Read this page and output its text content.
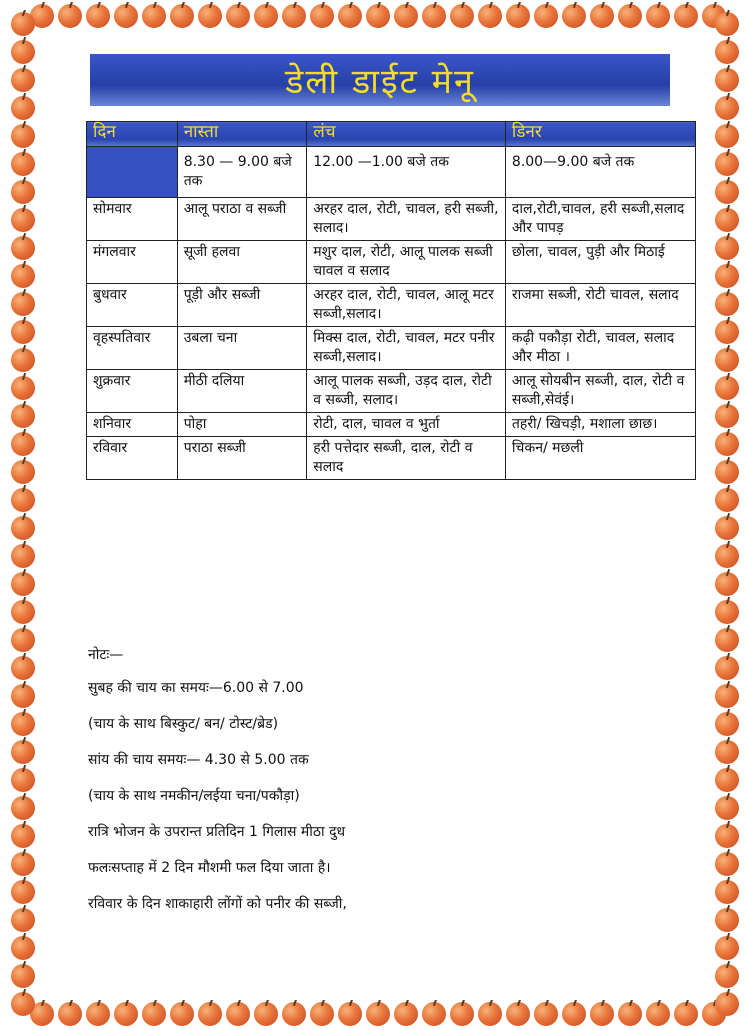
डेली डाईट मेनू
दिन	नास्ता	लंच	डिनर
	8.30 — 9.00 बजे तक	12.00 —1.00 बजे तक	8.00—9.00 बजे तक
सोमवार	आलू पराठा व सब्जी	अरहर दाल, रोटी, चावल, हरी सब्जी, सलाद।	दाल,रोटी,चावल, हरी सब्जी,सलाद और पापड़
मंगलवार	सूजी हलवा	मशुर दाल, रोटी, आलू पालक सब्जी चावल व सलाद	छोला, चावल, पुड़ी और मिठाई
बुधवार	पूड़ी और सब्जी	अरहर दाल, रोटी, चावल, आलू मटर सब्जी,सलाद।	राजमा सब्जी, रोटी चावल, सलाद
वृहस्पतिवार	उबला चना	मिक्स दाल, रोटी, चावल, मटर पनीर सब्जी,सलाद।	कढ़ी पकौड़ा रोटी, चावल, सलाद और मीठा ।
शुक्रवार	मीठी दलिया	आलू पालक सब्जी, उड़द दाल, रोटी व सब्जी, सलाद।	आलू सोयबीन सब्जी, दाल, रोटी व सब्जी,सेवंई।
शनिवार	पोहा	रोटी, दाल, चावल व भुर्ता	तहरी/ खिचड़ी, मशाला छाछ।
रविवार	पराठा सब्जी	हरी पत्तेदार सब्जी, दाल, रोटी व सलाद	चिकन/ मछली
नोटः—
सुबह की चाय का समयः—6.00 से 7.00
(चाय के साथ बिस्कुट/ बन/ टोस्ट/ब्रेड)
सांय की चाय समयः— 4.30 से 5.00 तक
(चाय के साथ नमकीन/लईया चना/पकौड़ा)
रात्रि भोजन के उपरान्त प्रतिदिन 1 गिलास मीठा दुध
फलःसप्ताह में 2 दिन मौशमी फल दिया जाता है।
रविवार के दिन शाकाहारी लोंगों को पनीर की सब्जी,
